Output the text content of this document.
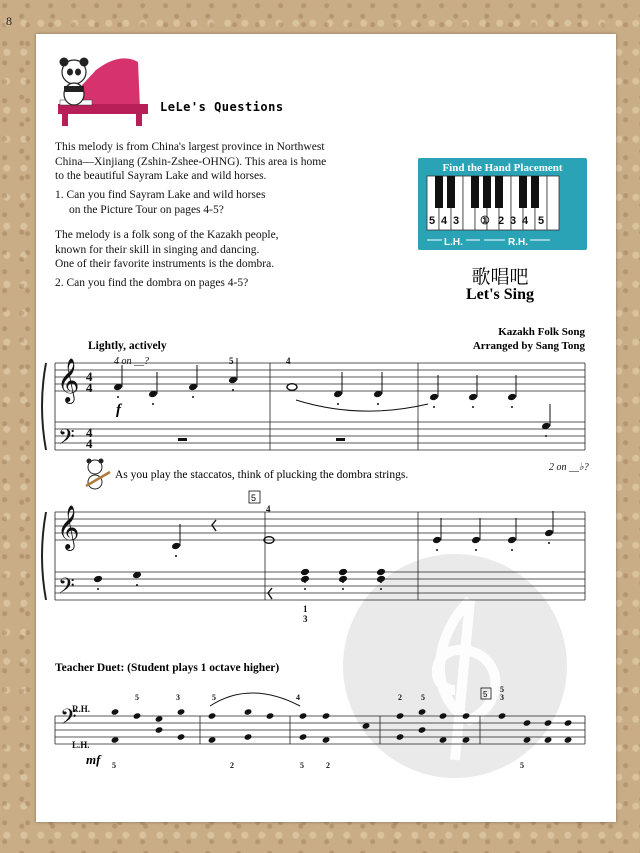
8
LeLe's Questions
This melody is from China's largest province in Northwest
China—Xinjiang (Zshin-Zshee-OHNG). This area is home
to the beautiful Sayram Lake and wild horses.
1. Can you find Sayram Lake and wild horses
on the Picture Tour on pages 4-5?
The melody is a folk song of the Kazakh people,
known for their skill in singing and dancing.
One of their favorite instruments is the dombra.
2. Can you find the dombra on pages 4-5?
Find the Hand Placement
5 4 3 ① 2 3 4 5
2
L.H.	R.H.
歌唱吧
Let's Sing
Kazakh Folk Song
Arranged by Sang Tong
Lightly, actively
𝄞
𝄞
𝄢
𝄢
𝄢
4
4
4
4
4 on __?
2 on __♭?
5	4
4
1
3
f
5
As you play the staccatos, think of plucking the dombra strings.
Teacher Duet: (Student plays 1 octave higher)
R.H.
L.H.
mf
5
5	3	5	4	2 5	3
5
5	2	5	2	5
